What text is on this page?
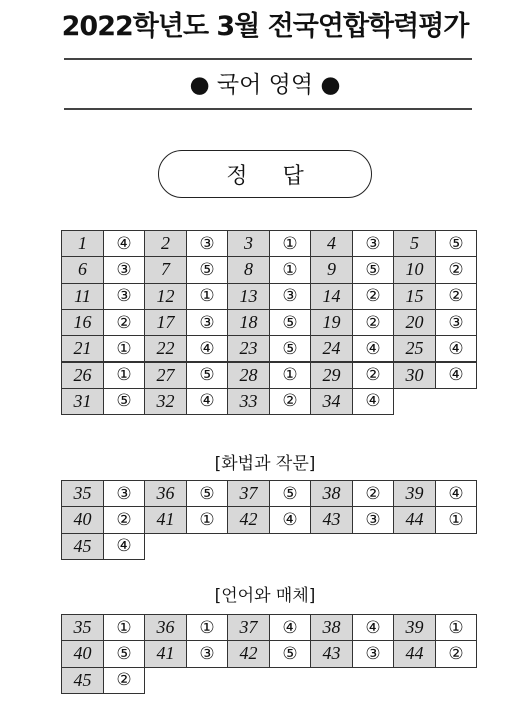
2022학년도 3월 전국연합학력평가
● 국어 영역 ●
정 답
1	④	2	③	3	①	4	③	5	⑤
6	③	7	⑤	8	①	9	⑤	10	②
11	③	12	①	13	③	14	②	15	②
16	②	17	③	18	⑤	19	②	20	③
21	①	22	④	23	⑤	24	④	25	④
26	①	27	⑤	28	①	29	②	30	④
31	⑤	32	④	33	②	34	④
[화법과 작문]
35	③	36	⑤	37	⑤	38	②	39	④
40	②	41	①	42	④	43	③	44	①
45	④
[언어와 매체]
35	①	36	①	37	④	38	④	39	①
40	⑤	41	③	42	⑤	43	③	44	②
45	②
